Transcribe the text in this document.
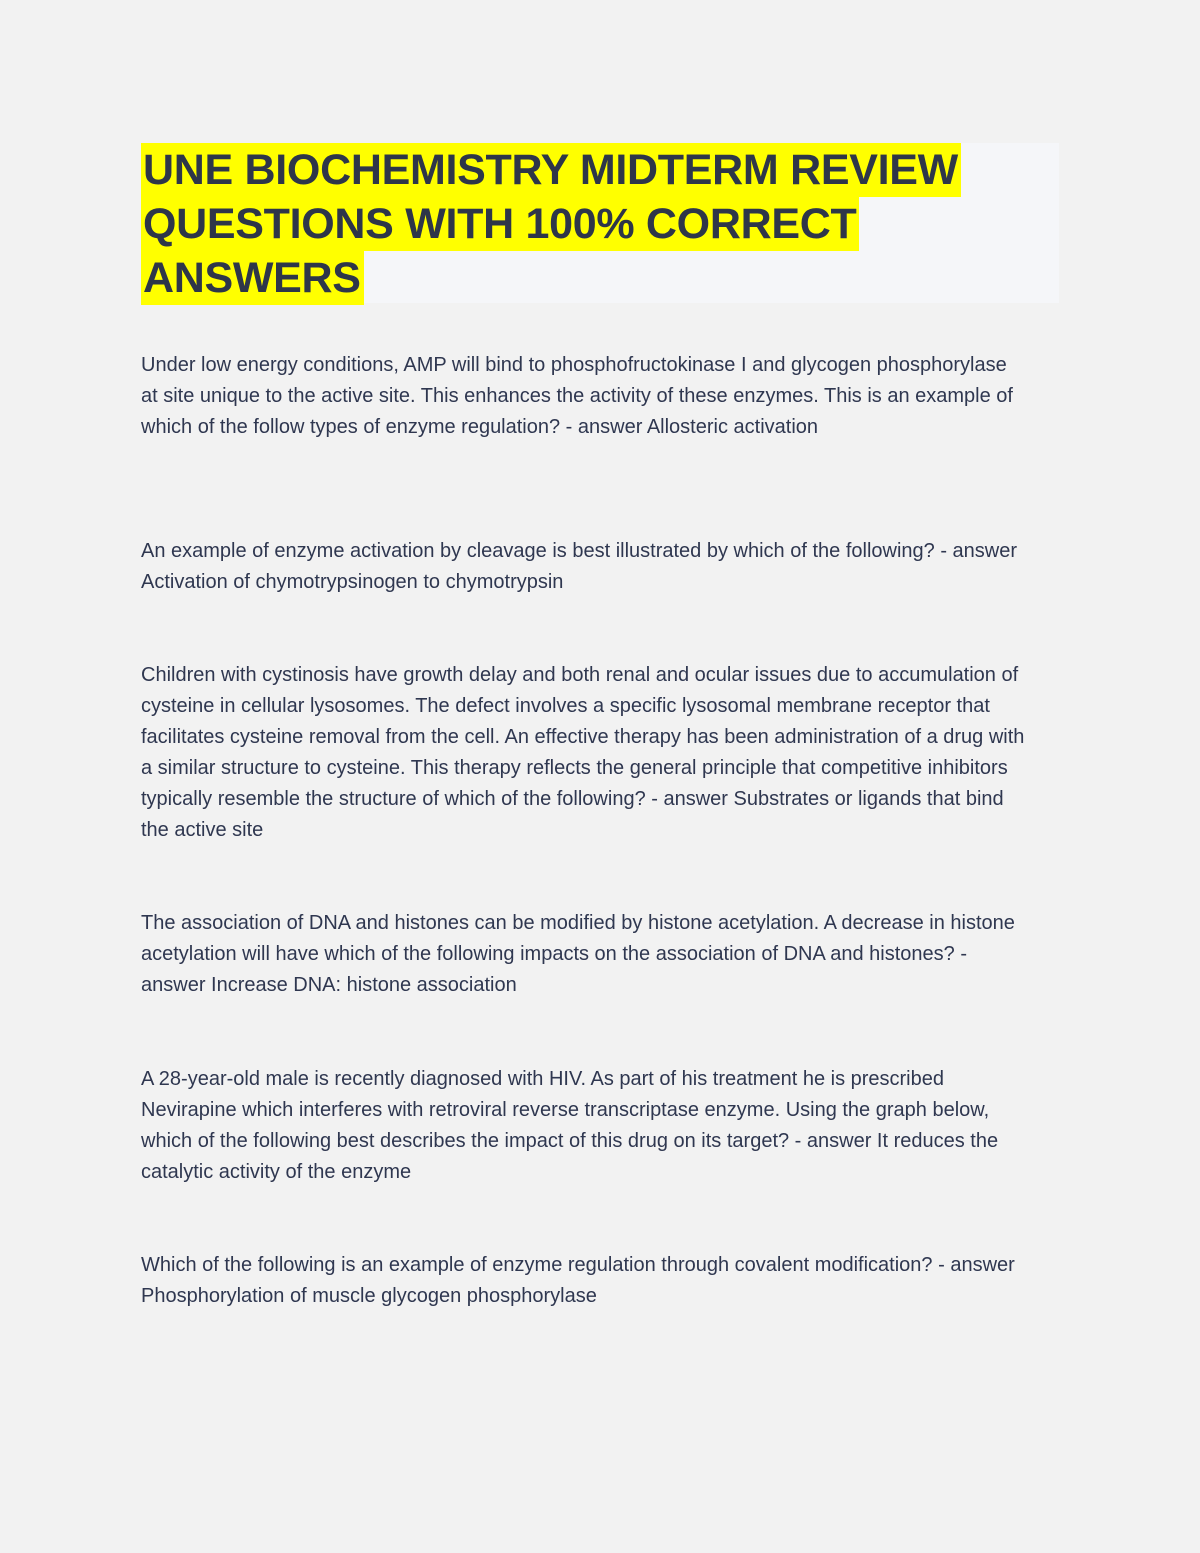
UNE BIOCHEMISTRY MIDTERM REVIEW
QUESTIONS WITH 100% CORRECT
ANSWERS

Under low energy conditions, AMP will bind to phosphofructokinase I and glycogen phosphorylase at site unique to the active site. This enhances the activity of these enzymes. This is an example of which of the follow types of enzyme regulation? - answer Allosteric activation

An example of enzyme activation by cleavage is best illustrated by which of the following? - answer Activation of chymotrypsinogen to chymotrypsin

Children with cystinosis have growth delay and both renal and ocular issues due to accumulation of cysteine in cellular lysosomes. The defect involves a specific lysosomal membrane receptor that facilitates cysteine removal from the cell. An effective therapy has been administration of a drug with a similar structure to cysteine. This therapy reflects the general principle that competitive inhibitors typically resemble the structure of which of the following? - answer Substrates or ligands that bind the active site

The association of DNA and histones can be modified by histone acetylation. A decrease in histone acetylation will have which of the following impacts on the association of DNA and histones? - answer Increase DNA: histone association

A 28-year-old male is recently diagnosed with HIV. As part of his treatment he is prescribed Nevirapine which interferes with retroviral reverse transcriptase enzyme. Using the graph below, which of the following best describes the impact of this drug on its target? - answer It reduces the catalytic activity of the enzyme

Which of the following is an example of enzyme regulation through covalent modification? - answer Phosphorylation of muscle glycogen phosphorylase
